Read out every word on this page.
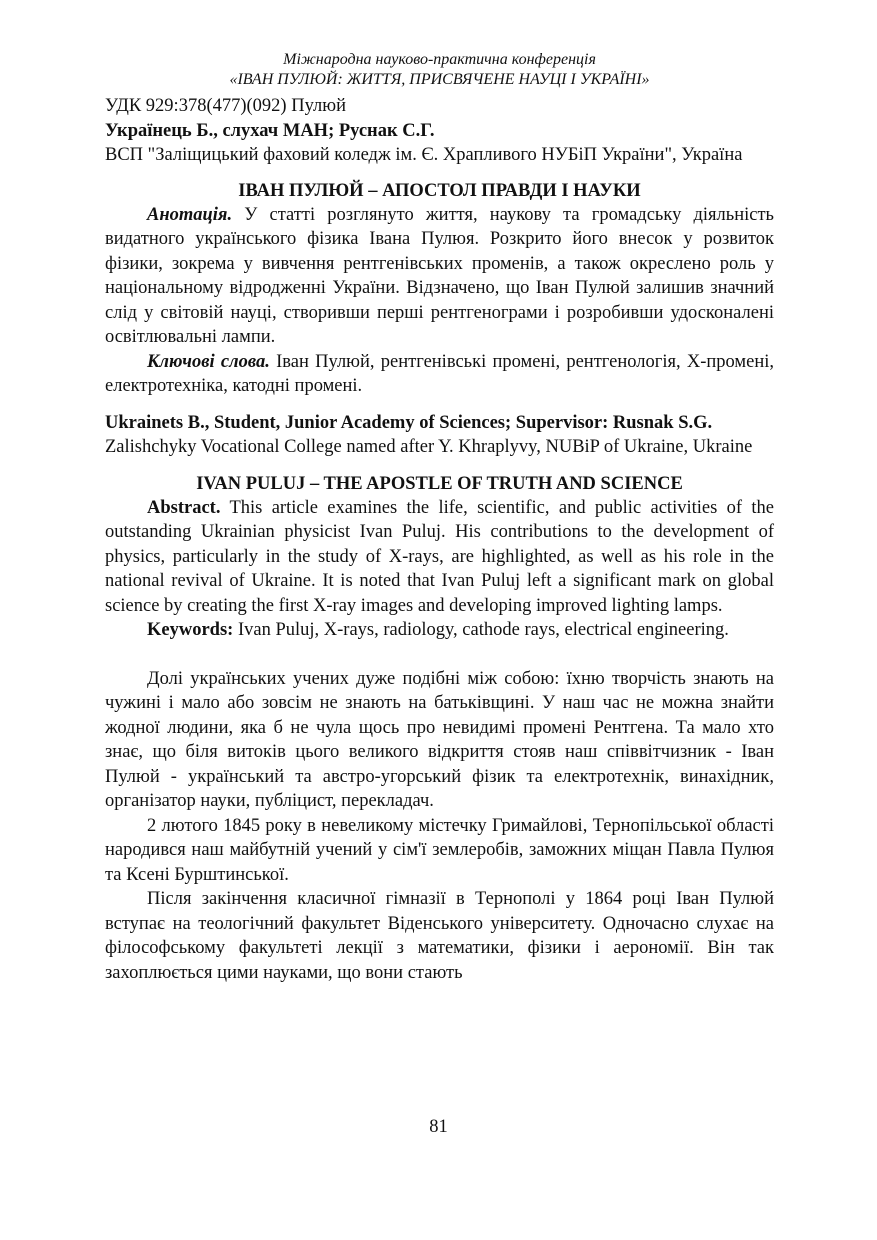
Міжнародна науково-практична конференція
«ІВАН ПУЛЮЙ: ЖИТТЯ, ПРИСВЯЧЕНЕ НАУЦІ І УКРАЇНІ»

УДК 929:378(477)(092) Пулюй

Українець Б., слухач МАН; Руснак С.Г.

ВСП "Заліщицький фаховий коледж ім. Є. Храпливого НУБіП України", Україна

ІВАН ПУЛЮЙ – АПОСТОЛ ПРАВДИ І НАУКИ

Анотація. У статті розглянуто життя, наукову та громадську діяльність видатного українського фізика Івана Пулюя. Розкрито його внесок у розвиток фізики, зокрема у вивчення рентгенівських променів, а також окреслено роль у національному відродженні України. Відзначено, що Іван Пулюй залишив значний слід у світовій науці, створивши перші рентгенограми і розробивши удосконалені освітлювальні лампи.

Ключові слова. Іван Пулюй, рентгенівські промені, рентгенологія, Х-промені, електротехніка, катодні промені.

Ukrainets B., Student, Junior Academy of Sciences; Supervisor: Rusnak S.G.

Zalishchyky Vocational College named after Y. Khraplyvy, NUBiP of Ukraine, Ukraine

IVAN PULUJ – THE APOSTLE OF TRUTH AND SCIENCE

Abstract. This article examines the life, scientific, and public activities of the outstanding Ukrainian physicist Ivan Puluj. His contributions to the development of physics, particularly in the study of X-rays, are highlighted, as well as his role in the national revival of Ukraine. It is noted that Ivan Puluj left a significant mark on global science by creating the first X-ray images and developing improved lighting lamps.

Keywords: Ivan Puluj, X-rays, radiology, cathode rays, electrical engineering.

Долі українських учених дуже подібні між собою: їхню творчість знають на чужині і мало або зовсім не знають на батьківщині. У наш час не можна знайти жодної людини, яка б не чула щось про невидимі промені Рентгена. Та мало хто знає, що біля витоків цього великого відкриття стояв наш співвітчизник - Іван Пулюй - український та австро-угорський фізик та електротехнік, винахідник, організатор науки, публіцист, перекладач.

2 лютого 1845 року в невеликому містечку Гримайлові, Тернопільської області народився наш майбутній учений у сім'ї землеробів, заможних міщан Павла Пулюя та Ксені Бурштинської.

Після закінчення класичної гімназії в Тернополі у 1864 році Іван Пулюй вступає на теологічний факультет Віденського університету. Одночасно слухає на філософському факультеті лекції з математики, фізики і аерономії. Він так захоплюється цими науками, що вони стають

81
